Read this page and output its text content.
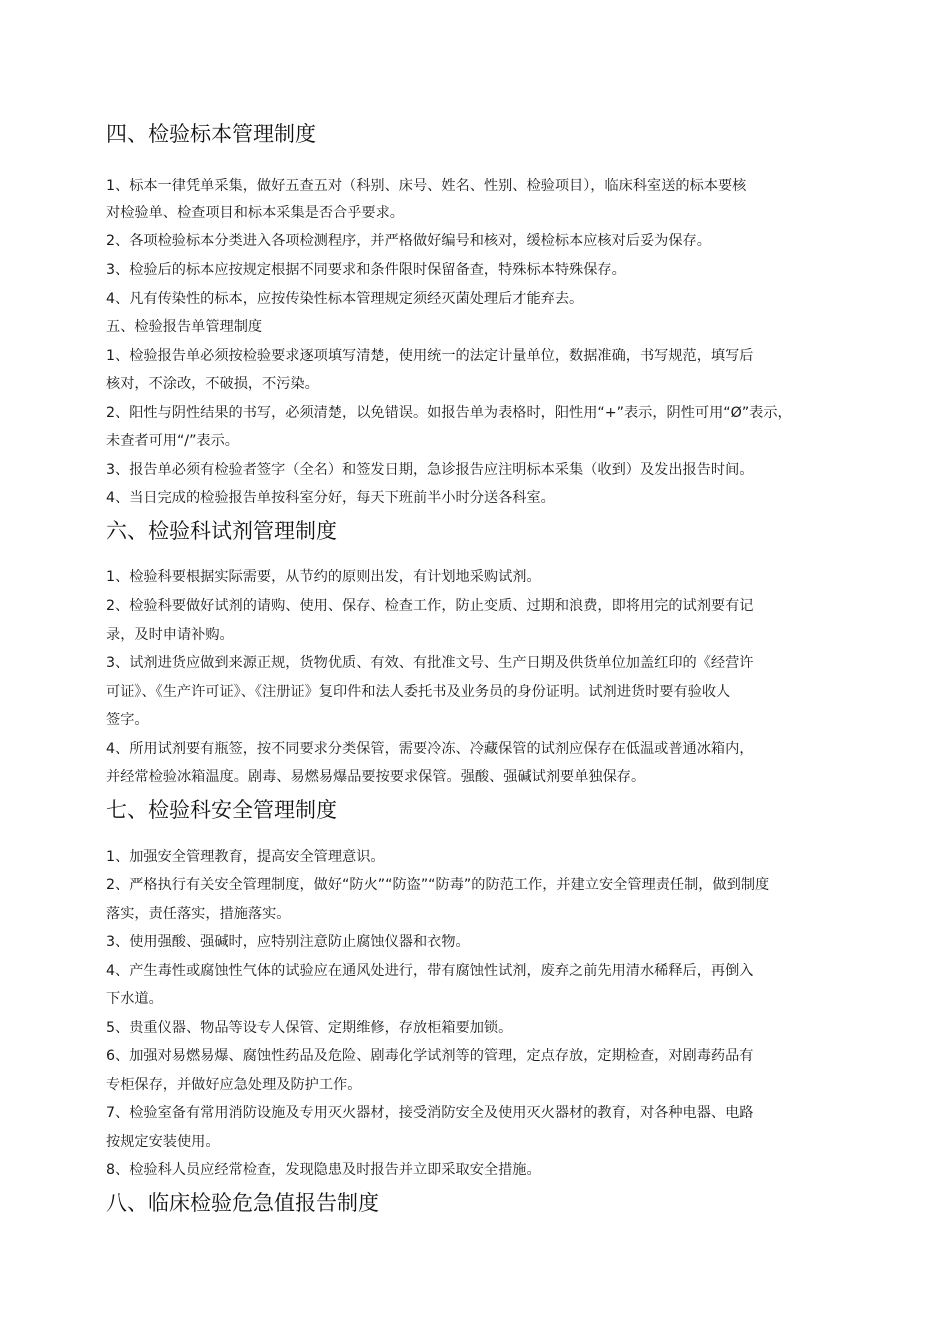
四、检验标本管理制度
1、标本一律凭单采集，做好五查五对（科别、床号、姓名、性别、检验项目），临床科室送的标本要核
对检验单、检查项目和标本采集是否合乎要求。
2、各项检验标本分类进入各项检测程序，并严格做好编号和核对，缓检标本应核对后妥为保存。
3、检验后的标本应按规定根据不同要求和条件限时保留备查，特殊标本特殊保存。
4、凡有传染性的标本，应按传染性标本管理规定须经灭菌处理后才能弃去。
五、检验报告单管理制度
1、检验报告单必须按检验要求逐项填写清楚，使用统一的法定计量单位，数据准确，书写规范，填写后
核对，不涂改，不破损，不污染。
2、阳性与阴性结果的书写，必须清楚，以免错误。如报告单为表格时，阳性用“+”表示，阴性可用“Ø”表示，
未查者可用“/”表示。
3、报告单必须有检验者签字（全名）和签发日期，急诊报告应注明标本采集（收到）及发出报告时间。
4、当日完成的检验报告单按科室分好，每天下班前半小时分送各科室。
六、检验科试剂管理制度
1、检验科要根据实际需要，从节约的原则出发，有计划地采购试剂。
2、检验科要做好试剂的请购、使用、保存、检查工作，防止变质、过期和浪费，即将用完的试剂要有记
录，及时申请补购。
3、试剂进货应做到来源正规，货物优质、有效、有批准文号、生产日期及供货单位加盖红印的《经营许
可证》、《生产许可证》、《注册证》复印件和法人委托书及业务员的身份证明。试剂进货时要有验收人
签字。
4、所用试剂要有瓶签，按不同要求分类保管，需要冷冻、冷藏保管的试剂应保存在低温或普通冰箱内，
并经常检验冰箱温度。剧毒、易燃易爆品要按要求保管。强酸、强碱试剂要单独保存。
七、检验科安全管理制度
1、加强安全管理教育，提高安全管理意识。
2、严格执行有关安全管理制度，做好“防火”“防盗”“防毒”的防范工作，并建立安全管理责任制，做到制度
落实，责任落实，措施落实。
3、使用强酸、强碱时，应特别注意防止腐蚀仪器和衣物。
4、产生毒性或腐蚀性气体的试验应在通风处进行，带有腐蚀性试剂，废弃之前先用清水稀释后，再倒入
下水道。
5、贵重仪器、物品等设专人保管、定期维修，存放柜箱要加锁。
6、加强对易燃易爆、腐蚀性药品及危险、剧毒化学试剂等的管理，定点存放，定期检查，对剧毒药品有
专柜保存，并做好应急处理及防护工作。
7、检验室备有常用消防设施及专用灭火器材，接受消防安全及使用灭火器材的教育，对各种电器、电路
按规定安装使用。
8、检验科人员应经常检查，发现隐患及时报告并立即采取安全措施。
八、临床检验危急值报告制度
